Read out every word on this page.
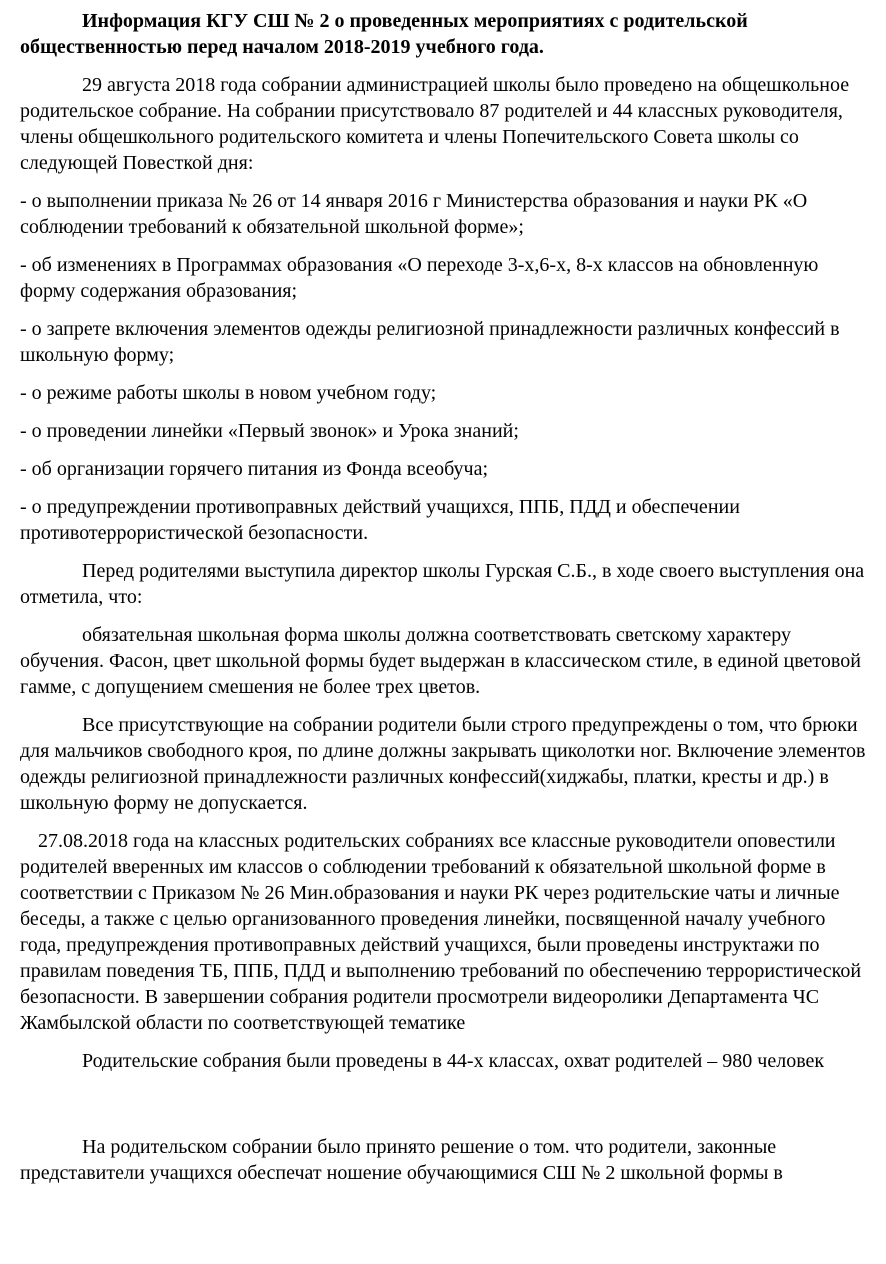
Информация КГУ СШ № 2 о проведенных мероприятиях с родительской общественностью перед началом 2018-2019 учебного года.

29 августа 2018 года собрании администрацией школы было проведено на общешкольное родительское собрание. На собрании присутствовало 87 родителей и 44 классных руководителя, члены общешкольного родительского комитета и члены Попечительского Совета школы со следующей Повесткой дня:

- о выполнении приказа № 26 от 14 января 2016 г Министерства образования и науки РК «О соблюдении требований к обязательной школьной форме»;

- об изменениях в Программах образования «О переходе 3-х,6-х, 8-х классов на обновленную форму содержания образования;

- о запрете включения элементов одежды религиозной принадлежности различных конфессий в школьную форму;

- о режиме работы школы в новом учебном году;

- о проведении линейки «Первый звонок» и Урока знаний;

- об организации горячего питания из Фонда всеобуча;

- о предупреждении противоправных действий учащихся, ППБ, ПДД и обеспечении противотеррористической безопасности.

Перед родителями выступила директор школы Гурская С.Б., в ходе своего выступления она отметила, что:

обязательная школьная форма школы должна соответствовать светскому характеру обучения. Фасон, цвет школьной формы будет выдержан в классическом стиле, в единой цветовой гамме, с допущением смешения не более трех цветов.

Все присутствующие на собрании родители были строго предупреждены о том, что брюки для мальчиков свободного кроя, по длине должны закрывать щиколотки ног. Включение элементов одежды религиозной принадлежности различных конфессий(хиджабы, платки, кресты и др.) в школьную форму не допускается.

27.08.2018 года на классных родительских собраниях все классные руководители оповестили родителей вверенных им классов о соблюдении требований к обязательной школьной форме в соответствии с Приказом № 26 Мин.образования и науки РК через родительские чаты и личные беседы, а также с целью организованного проведения линейки, посвященной началу учебного года, предупреждения противоправных действий учащихся, были проведены инструктажи по правилам поведения ТБ, ППБ, ПДД и выполнению требований по обеспечению террористической безопасности. В завершении собрания родители просмотрели видеоролики Департамента ЧС Жамбылской области по соответствующей тематике

Родительские собрания были проведены в 44-х классах, охват родителей – 980 человек

На родительском собрании было принято решение о том. что родители, законные представители учащихся обеспечат ношение обучающимися СШ № 2 школьной формы в
